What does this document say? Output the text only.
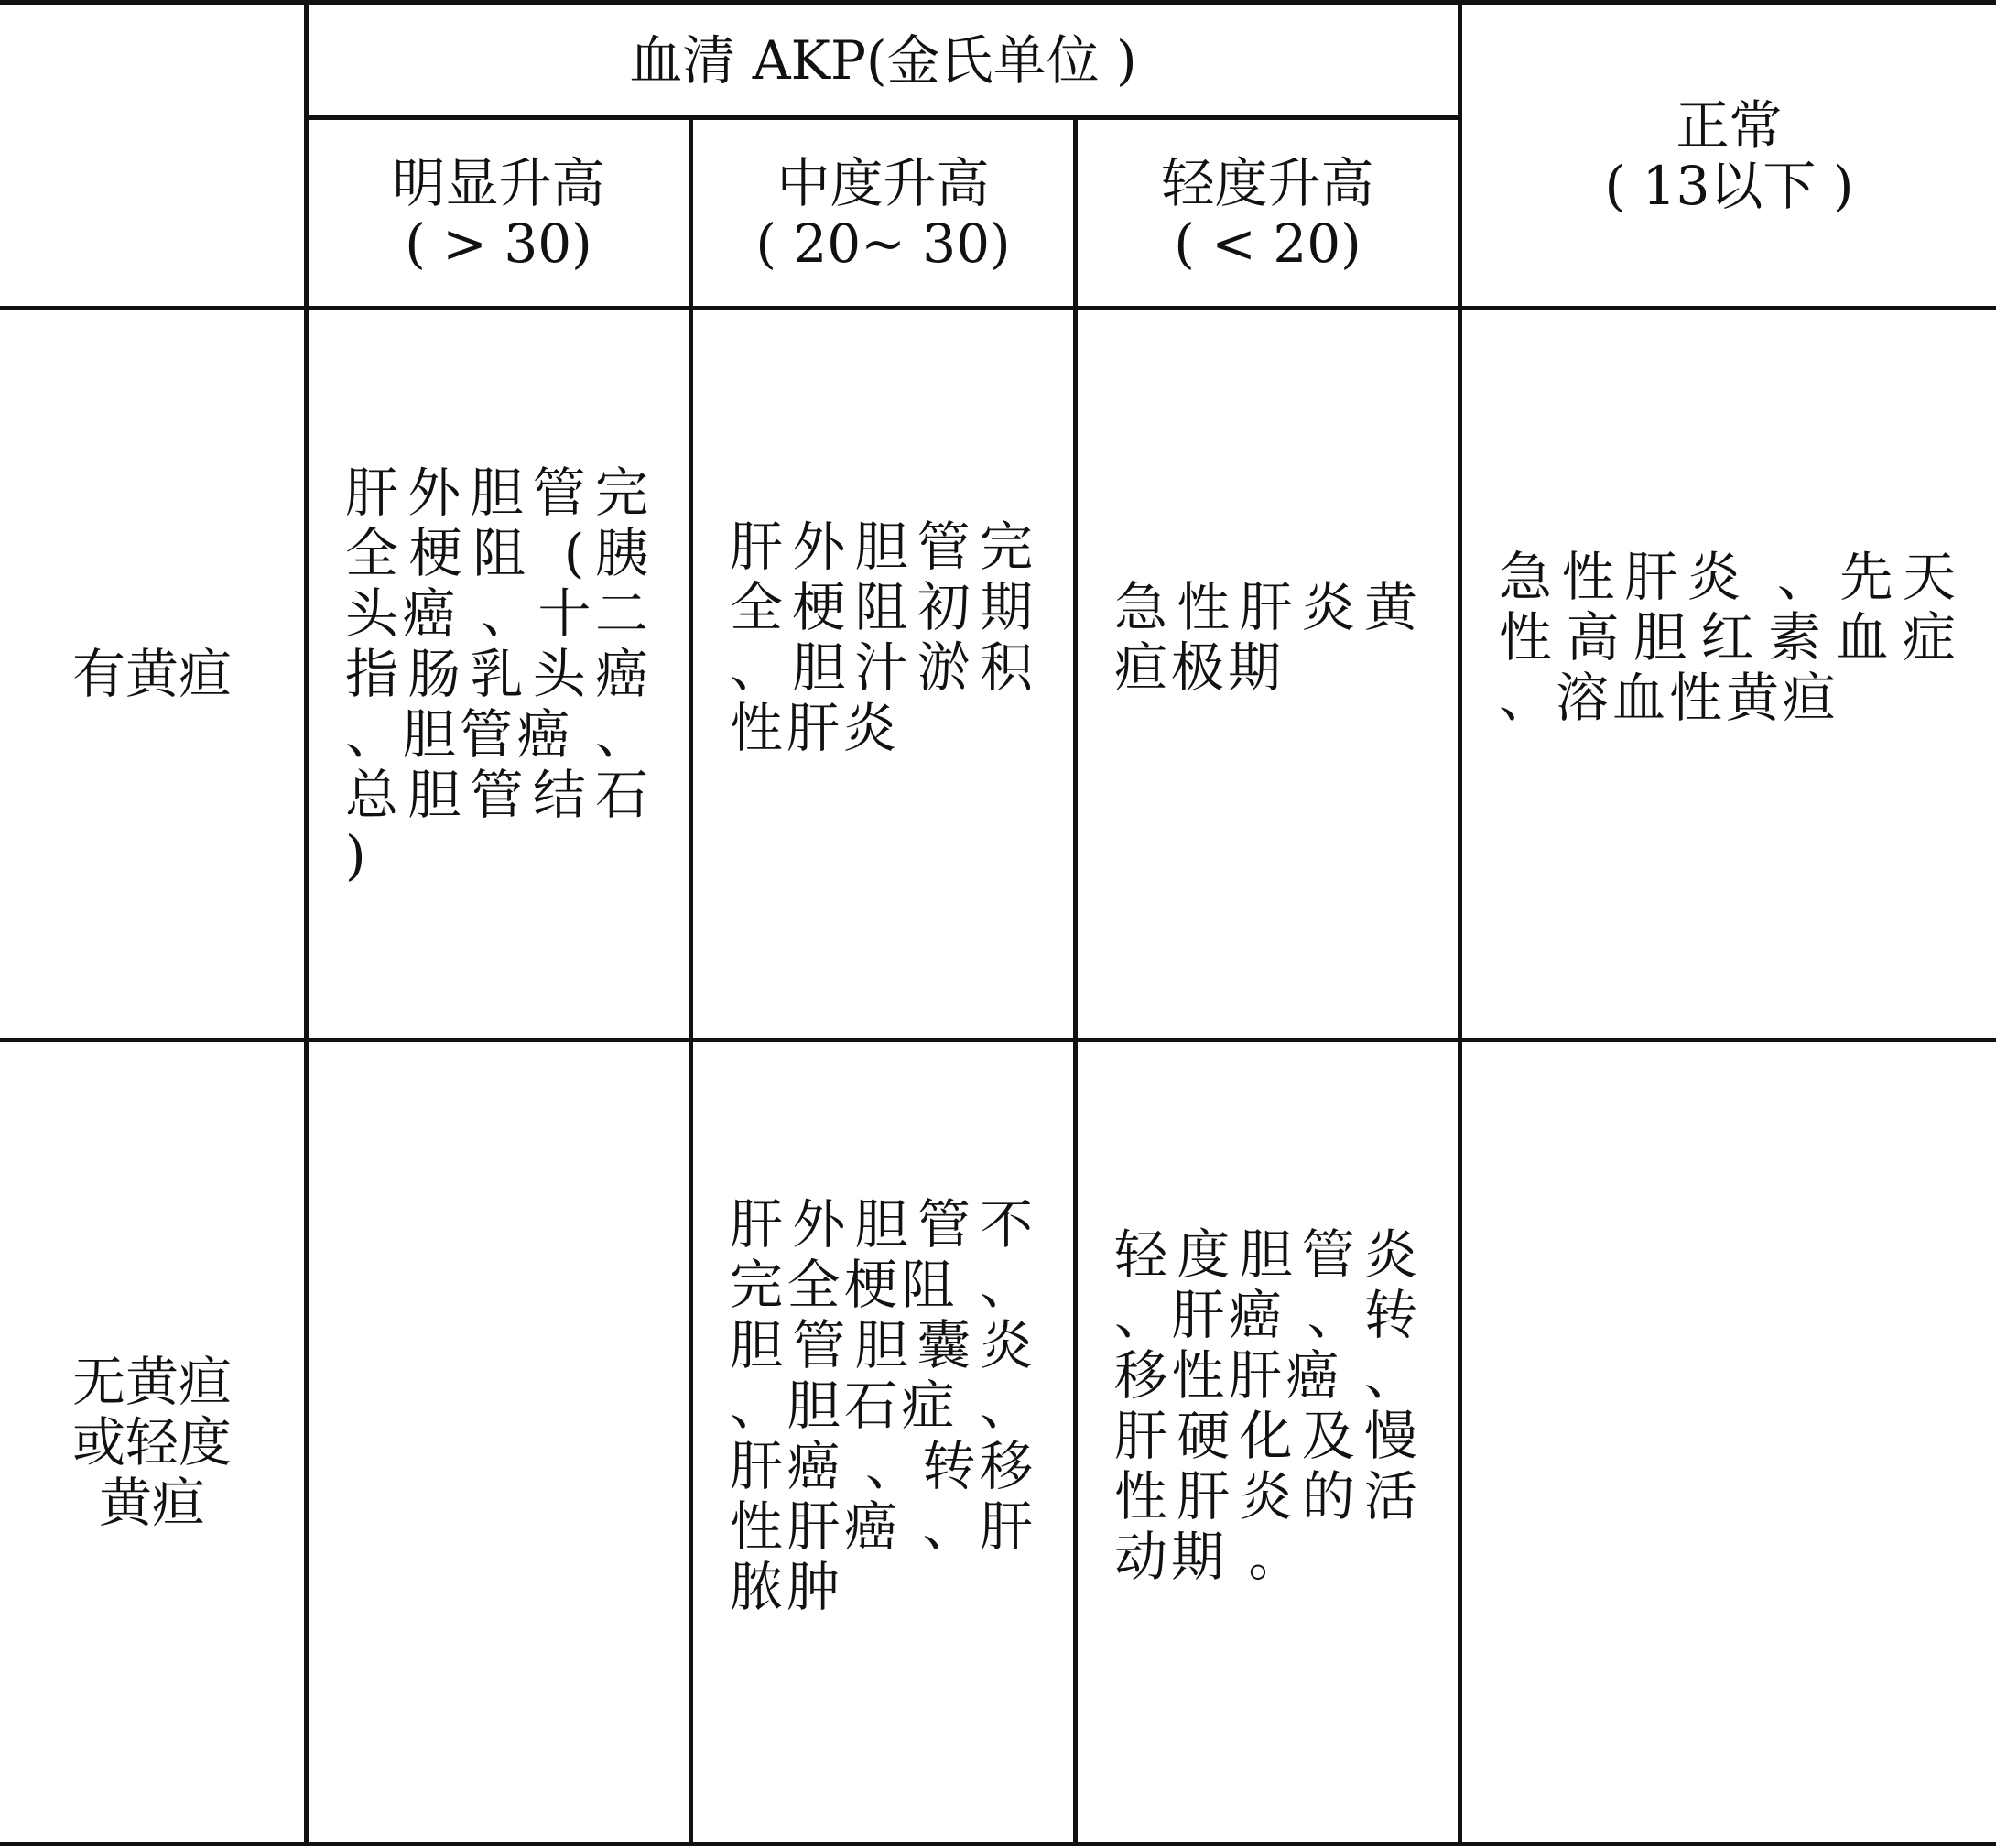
血清 AKP(金氏单位 )
明显升高
( > 30)
中度升高
( 20~ 30)
轻度升高
( < 20)
正常
( 13以下 )
有黄疸
肝外胆管完全梗阻 (胰头癌 、十二指肠乳头癌 、胆管癌 、总胆管结石 )
肝外胆管完全梗阻初期 、胆汁淤积性肝炎
急性肝炎黄疸极期
急性肝炎 、先天性高胆红素血症 、溶血性黄疸
无黄疸
或轻度
黄疸
肝外胆管不完全梗阻 、胆管胆囊炎 、胆石症 、肝癌 、转移性肝癌 、肝脓肿
轻度胆管炎 、肝癌 、转移性肝癌 、肝硬化及慢性肝炎的活动期 。
